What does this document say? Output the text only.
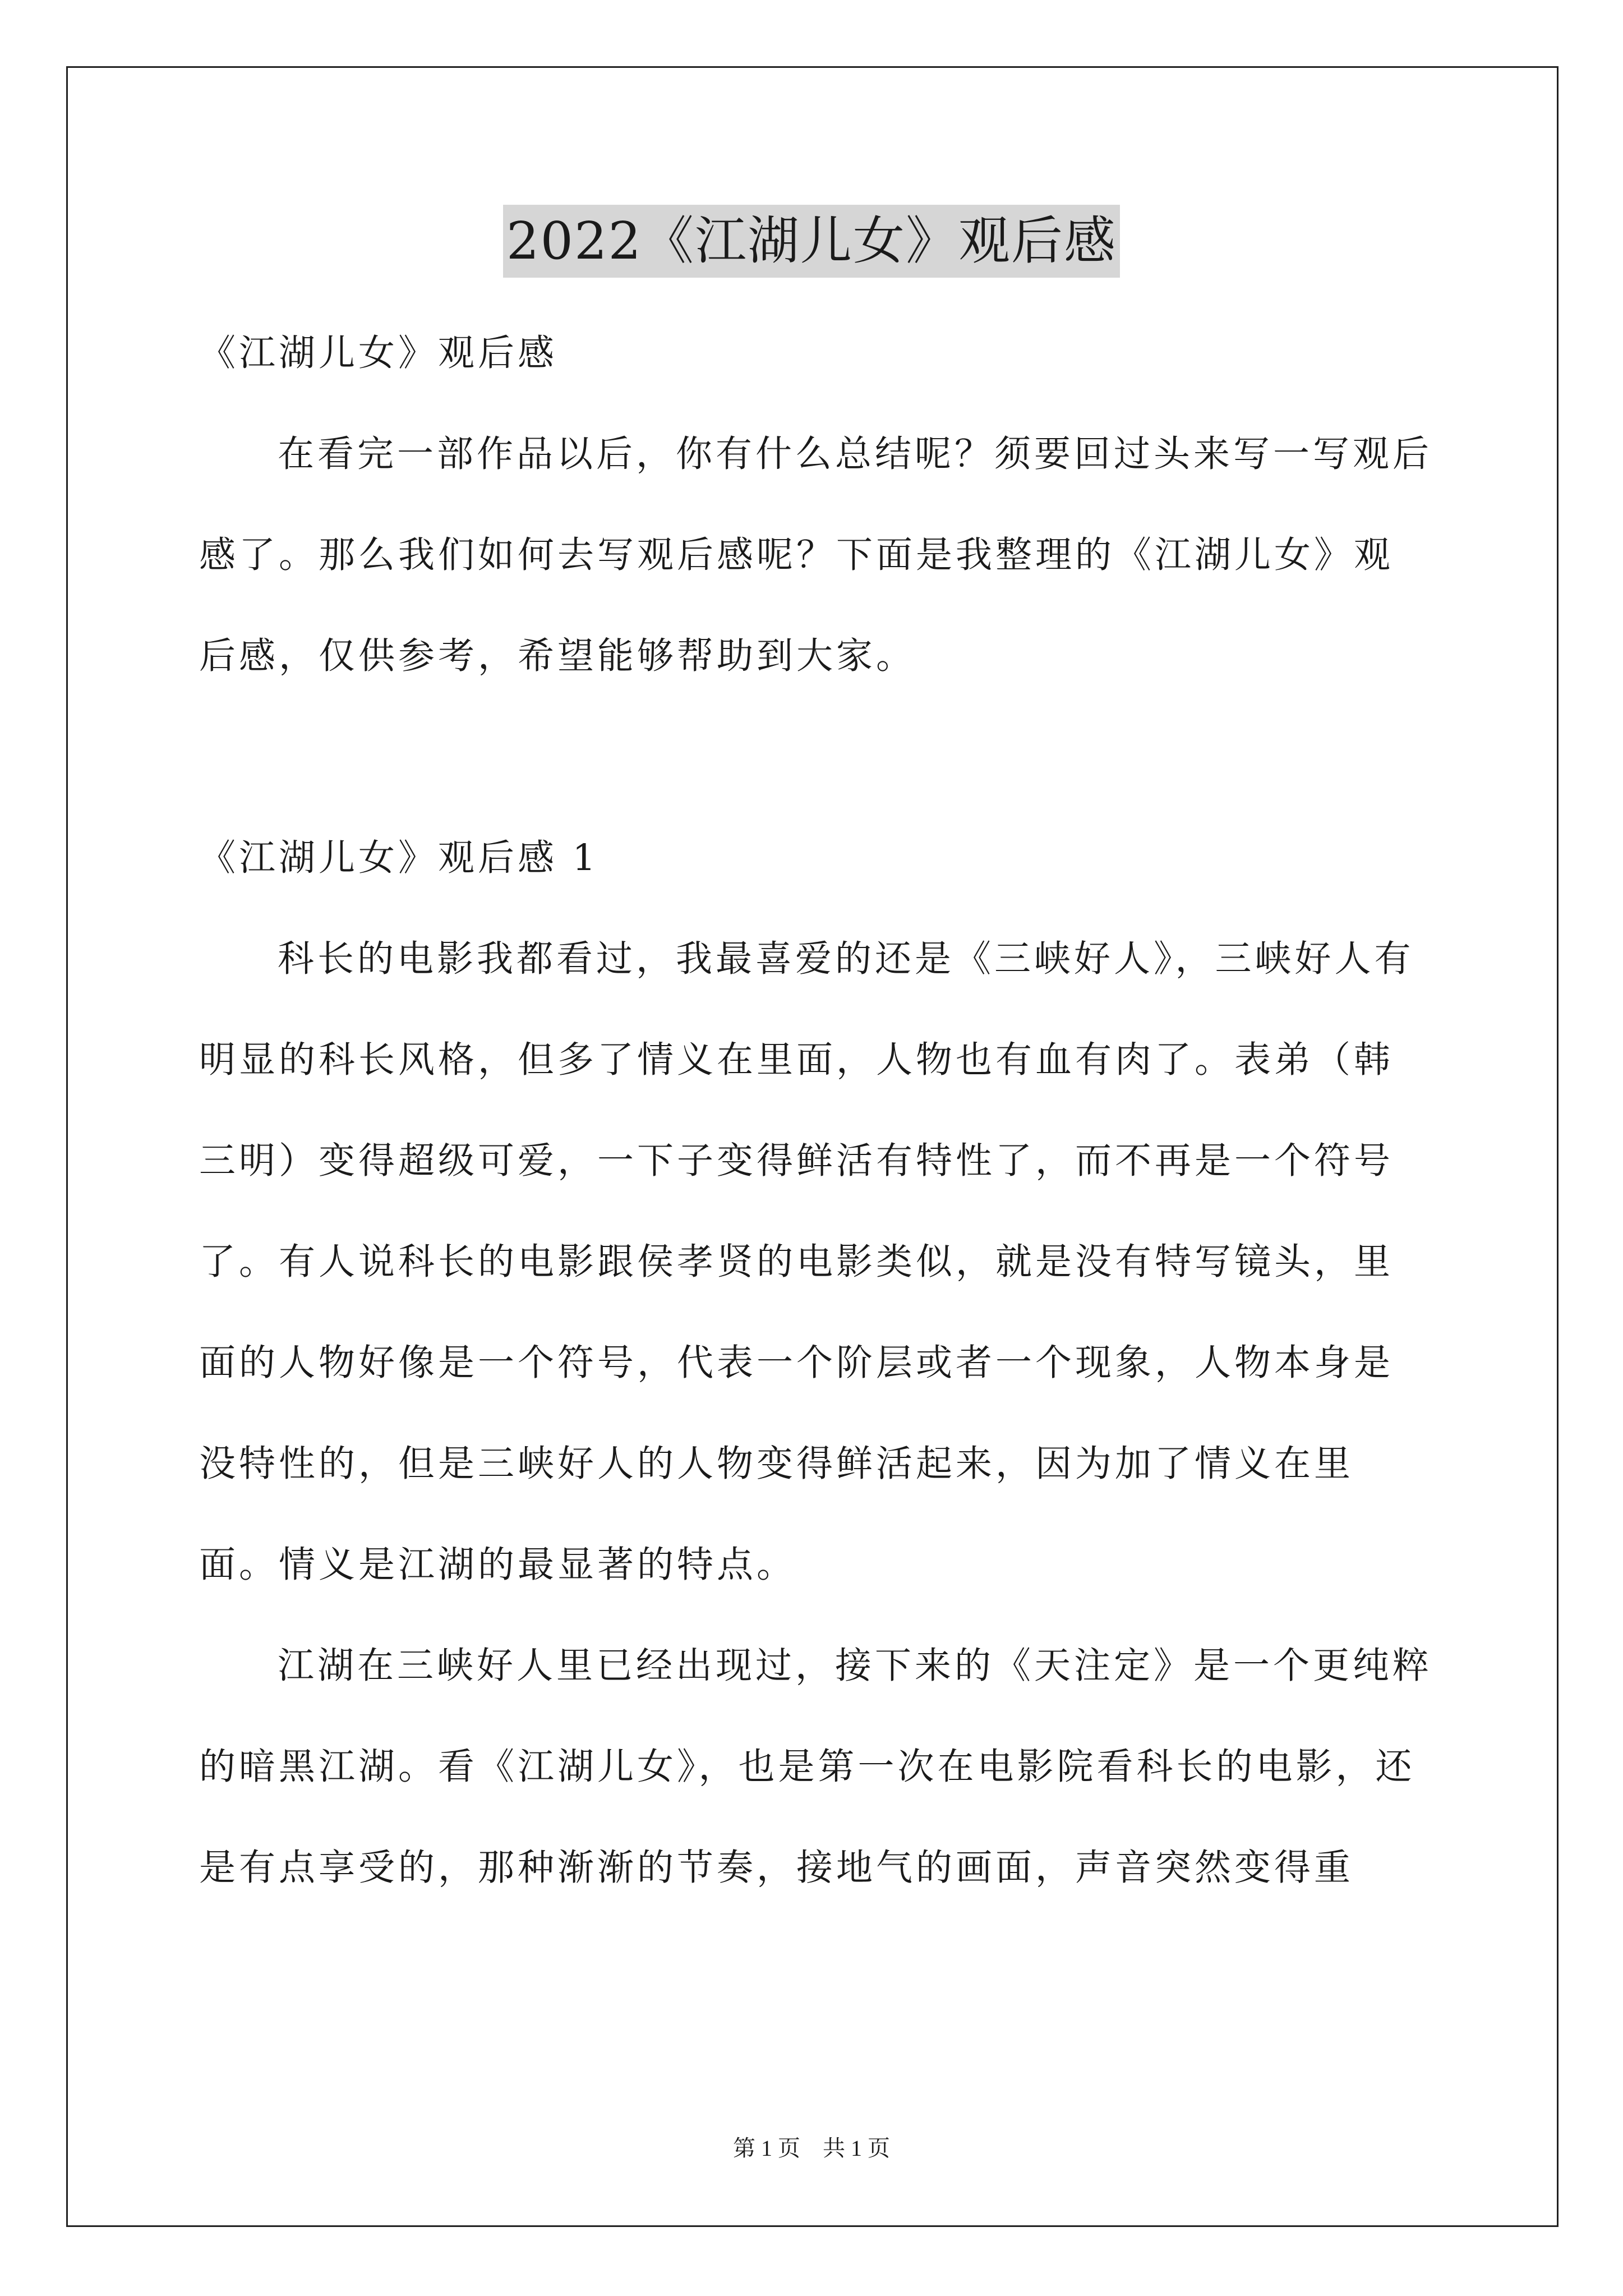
2022《江湖儿女》观后感

《江湖儿女》观后感

在看完一部作品以后，你有什么总结呢？须要回过头来写一写观后感了。那么我们如何去写观后感呢？下面是我整理的《江湖儿女》观后感，仅供参考，希望能够帮助到大家。

《江湖儿女》观后感 1

科长的电影我都看过，我最喜爱的还是《三峡好人》，三峡好人有明显的科长风格，但多了情义在里面，人物也有血有肉了。表弟（韩三明）变得超级可爱，一下子变得鲜活有特性了，而不再是一个符号了。有人说科长的电影跟侯孝贤的电影类似，就是没有特写镜头，里面的人物好像是一个符号，代表一个阶层或者一个现象，人物本身是没特性的，但是三峡好人的人物变得鲜活起来，因为加了情义在里面。情义是江湖的最显著的特点。

江湖在三峡好人里已经出现过，接下来的《天注定》是一个更纯粹的暗黑江湖。看《江湖儿女》，也是第一次在电影院看科长的电影，还是有点享受的，那种渐渐的节奏，接地气的画面，声音突然变得重

第 1 页 共 1 页
